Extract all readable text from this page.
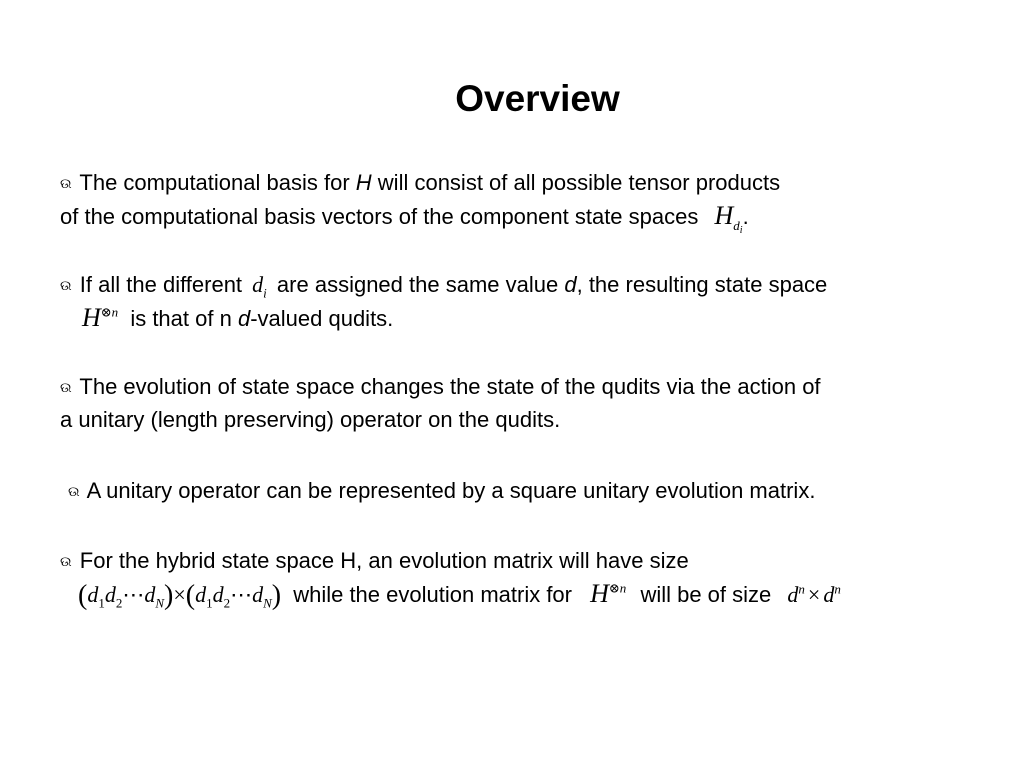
Overview
ଉ The computational basis for H will consist of all possible tensor products
of the computational basis vectors of the component state spaces $H_{d_i}$.
ଉ If all the different $d_i$ are assigned the same value d, the resulting state space
$H^{\otimes n}$ is that of n d-valued qudits.
ଉ The evolution of state space changes the state of the qudits via the action of
a unitary (length preserving) operator on the qudits.
ଉ A unitary operator can be represented by a square unitary evolution matrix.
ଉ For the hybrid state space H, an evolution matrix will have size
$(d_1d_2\cdots d_N)\times(d_1d_2\cdots d_N)$ while the evolution matrix for $H^{\otimes n}$ will be of size $d^n \times d^n$
